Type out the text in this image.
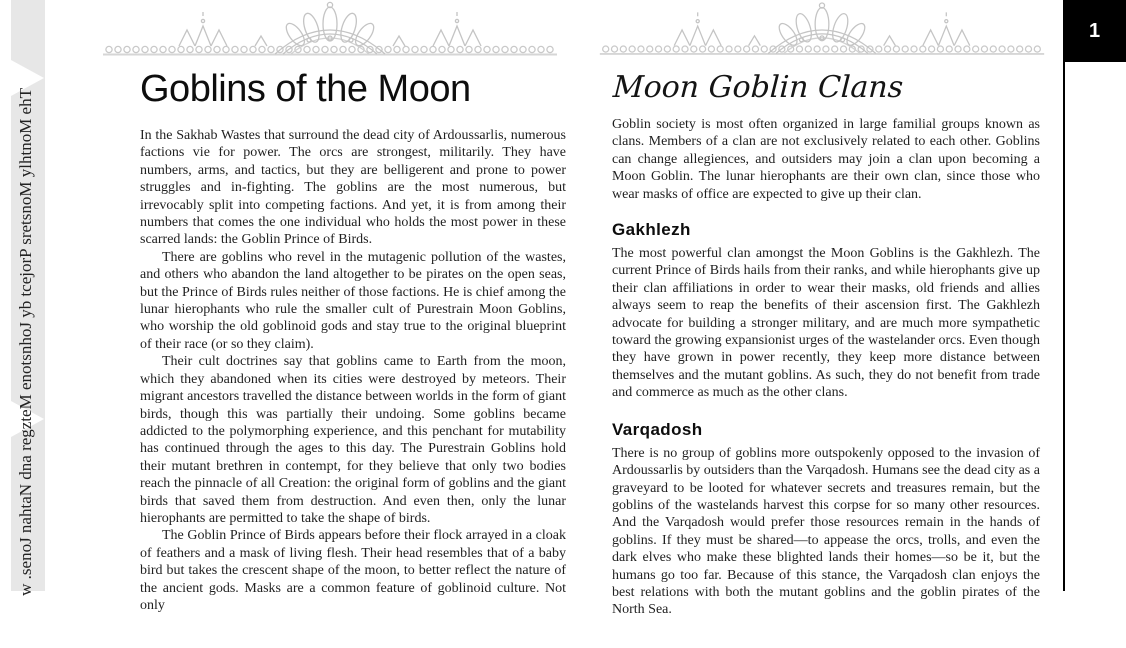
w .senoJ nahtaN dna regzteM enotsnhoJ yb tcejorP sretsnoM ylhtnoM ehT
1
Goblins of the Moon

In the Sakhab Wastes that surround the dead city of Ardoussarlis, numerous factions vie for power. The orcs are strongest, militarily. They have numbers, arms, and tactics, but they are belligerent and prone to power struggles and in-fighting. The goblins are the most numerous, but irrevocably split into competing factions. And yet, it is from among their numbers that comes the one individual who holds the most power in these scarred lands: the Goblin Prince of Birds.

There are goblins who revel in the mutagenic pollution of the wastes, and others who abandon the land altogether to be pirates on the open seas, but the Prince of Birds rules neither of those factions. He is chief among the lunar hierophants who rule the smaller cult of Purestrain Moon Goblins, who worship the old goblinoid gods and stay true to the original blueprint of their race (or so they claim).

Their cult doctrines say that goblins came to Earth from the moon, which they abandoned when its cities were destroyed by meteors. Their migrant ancestors travelled the distance between worlds in the form of giant birds, though this was partially their undoing. Some goblins became addicted to the polymorphing experience, and this penchant for mutability has continued through the ages to this day. The Purestrain Goblins hold their mutant brethren in contempt, for they believe that only two bodies reach the pinnacle of all Creation: the original form of goblins and the giant birds that saved them from destruction. And even then, only the lunar hierophants are permitted to take the shape of birds.

The Goblin Prince of Birds appears before their flock arrayed in a cloak of feathers and a mask of living flesh. Their head resembles that of a baby bird but takes the crescent shape of the moon, to better reflect the nature of the ancient gods. Masks are a common feature of goblinoid culture. Not only

Moon Goblin Clans

Goblin society is most often organized in large familial groups known as clans. Members of a clan are not exclusively related to each other. Goblins can change allegiences, and outsiders may join a clan upon becoming a Moon Goblin. The lunar hierophants are their own clan, since those who wear masks of office are expected to give up their clan.

Gakhlezh

The most powerful clan amongst the Moon Goblins is the Gakhlezh. The current Prince of Birds hails from their ranks, and while hierophants give up their clan affiliations in order to wear their masks, old friends and allies always seem to reap the benefits of their ascension first. The Gakhlezh advocate for building a stronger military, and are much more sympathetic toward the growing expansionist urges of the wastelander orcs. Even though they have grown in power recently, they keep more distance between themselves and the mutant goblins. As such, they do not benefit from trade and commerce as much as the other clans.

Varqadosh

There is no group of goblins more outspokenly opposed to the invasion of Ardoussarlis by outsiders than the Varqadosh. Humans see the dead city as a graveyard to be looted for whatever secrets and treasures remain, but the goblins of the wastelands harvest this corpse for so many other resources. And the Varqadosh would prefer those resources remain in the hands of goblins. If they must be shared—to appease the orcs, trolls, and even the dark elves who make these blighted lands their homes—so be it, but the humans go too far. Because of this stance, the Varqadosh clan enjoys the best relations with both the mutant goblins and the goblin pirates of the North Sea.
